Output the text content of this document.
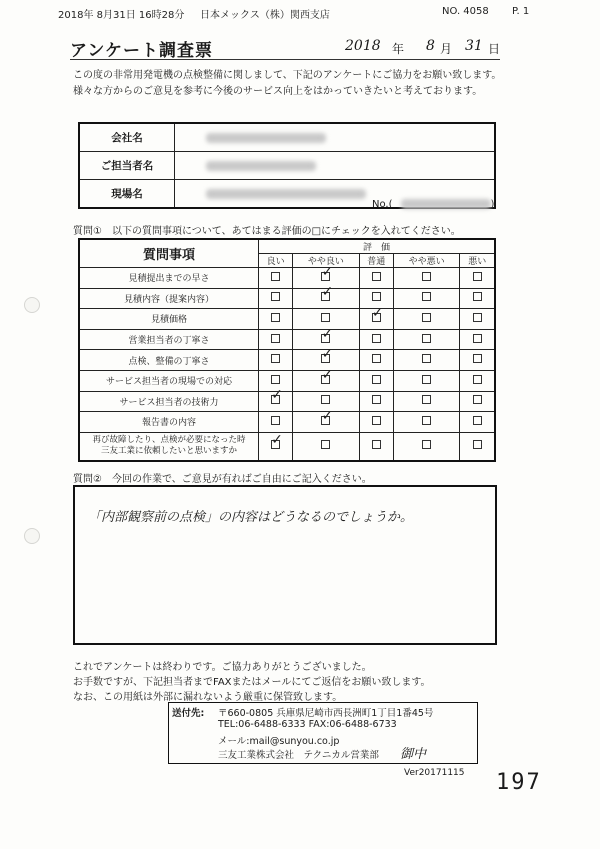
2018年 8月31日 16時28分 日本メックス（株）関西支店	NO. 4058 P. 1
アンケート調査票	2018 年 8 月 31 日
この度の非常用発電機の点検整備に関しまして、下記のアンケートにご協力をお願い致します。
様々な方からのご意見を参考に今後のサービス向上をはかっていきたいと考えております。
会社名	
ご担当者名	
現場名	
No.(	)
質問①　以下の質問事項について、あてはまる評価の□にチェックを入れてください。
質問事項	評　価				
	良い	やや良い	普通	やや悪い	悪い
見積提出までの早さ		✓			

見積内容（提案内容）		✓			

見積価格			✓		

営業担当者の丁寧さ		✓			

点検、整備の丁寧さ		✓			

サービス担当者の現場での対応		✓			

サービス担当者の技術力	✓				

報告書の内容		✓			

再び故障したり、点検が必要になった時
三友工業に依頼したいと思いますか	✓				

質問②　今回の作業で、ご意見が有ればご自由にご記入ください。
「内部観察前の点検」の内容はどうなるのでしょうか。
これでアンケートは終わりです。ご協力ありがとうございました。
お手数ですが、下記担当者までFAXまたはメールにてご返信をお願い致します。
なお、この用紙は外部に漏れないよう厳重に保管致します。
送付先: 〒660-0805 兵庫県尼崎市西長洲町1丁目1番45号
TEL:06-6488-6333 FAX:06-6488-6733
メール:mail@sunyou.co.jp
三友工業株式会社　テクニカル営業部 御中
Ver20171115 197
